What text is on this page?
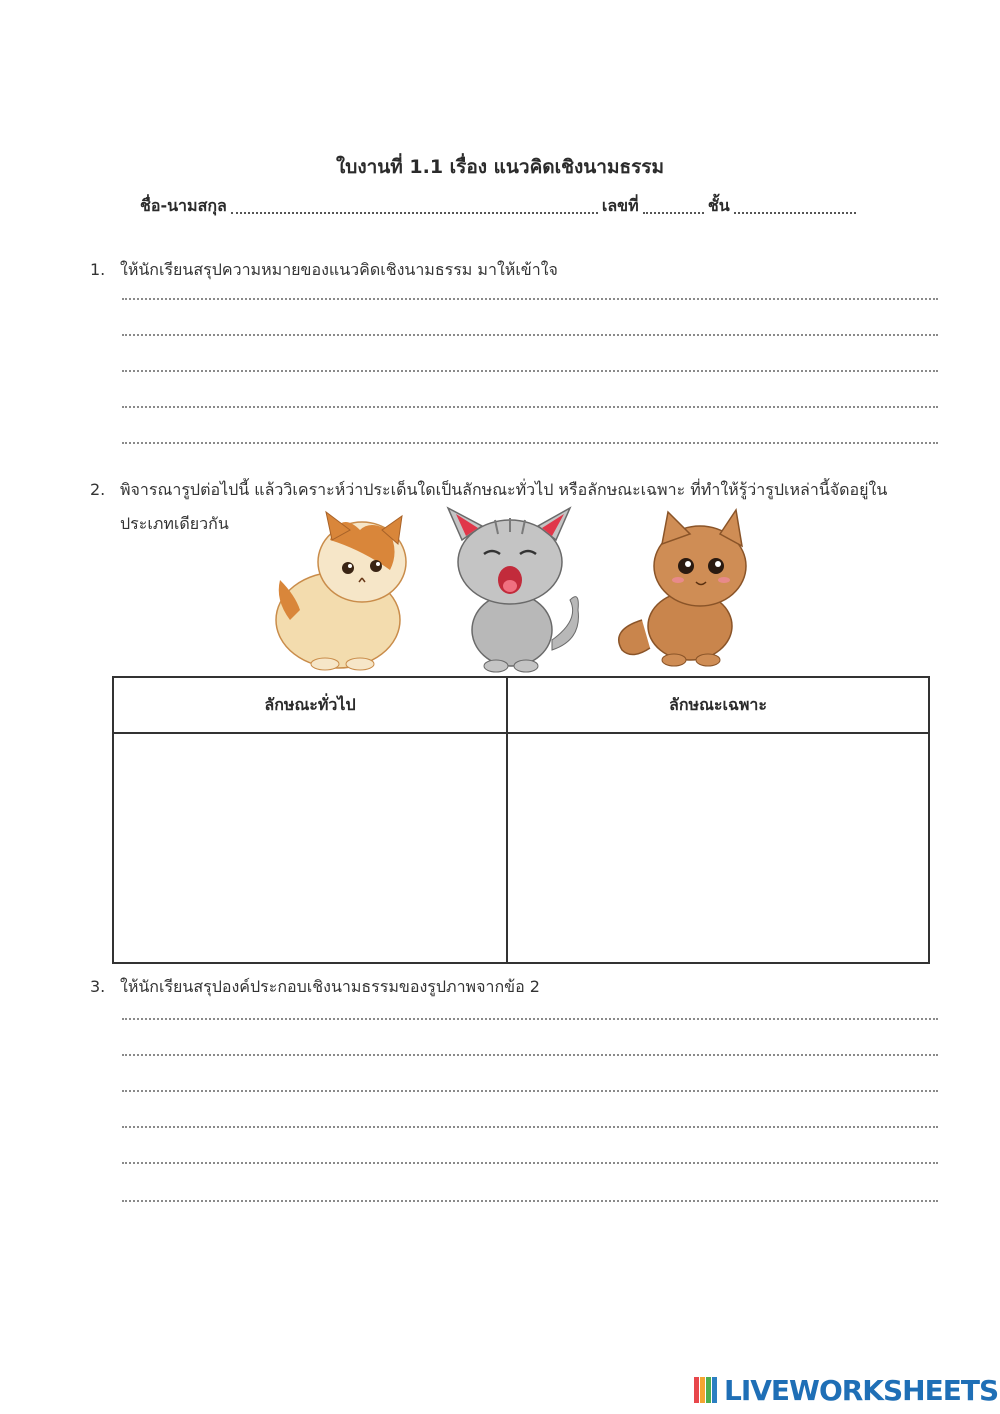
ใบงานที่ 1.1 เรื่อง แนวคิดเชิงนามธรรม
ชื่อ-นามสกุล	เลขที่	ชั้น
1. ให้นักเรียนสรุปความหมายของแนวคิดเชิงนามธรรม มาให้เข้าใจ
2. พิจารณารูปต่อไปนี้ แล้ววิเคราะห์ว่าประเด็นใดเป็นลักษณะทั่วไป หรือลักษณะเฉพาะ ที่ทำให้รู้ว่ารูปเหล่านี้จัดอยู่ใน
ประเภทเดียวกัน
ลักษณะทั่วไป	ลักษณะเฉพาะ

3. ให้นักเรียนสรุปองค์ประกอบเชิงนามธรรมของรูปภาพจากข้อ 2
LIVEWORKSHEETS
